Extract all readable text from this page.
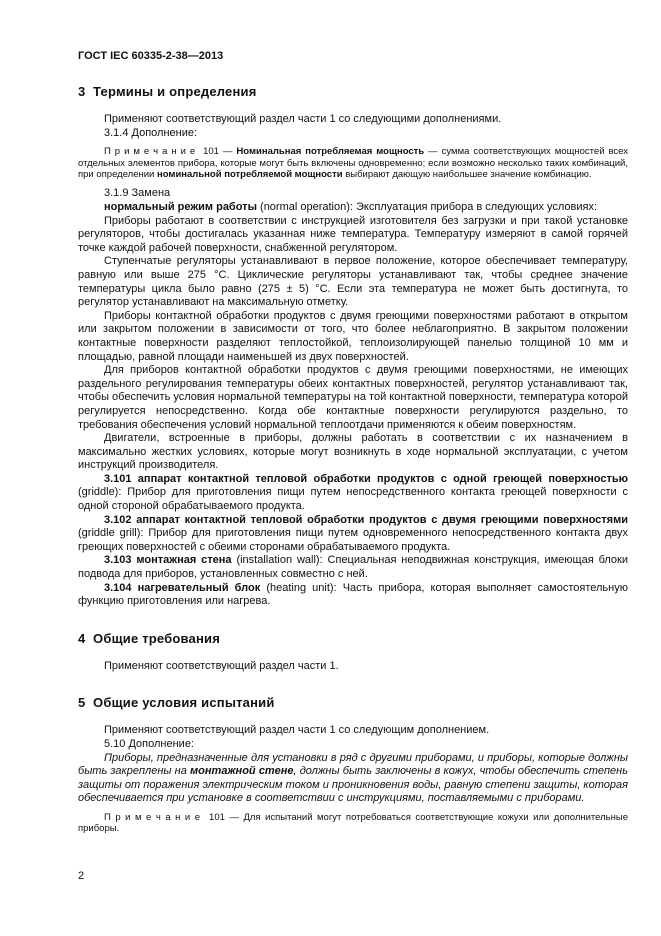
ГОСТ IEC 60335-2-38—2013
3  Термины и определения

Применяют соответствующий раздел части 1 со следующими дополнениями.

3.1.4 Дополнение:

П р и м е ч а н и е  101 — Номинальная потребляемая мощность — сумма соответствующих мощностей всех отдельных элементов прибора, которые могут быть включены одновременно; если возможно несколько таких комбинаций, при определении номинальной потребляемой мощности выбирают дающую наибольшее значение комбинацию.

3.1.9 Замена

нормальный режим работы (normal operation): Эксплуатация прибора в следующих условиях:

Приборы работают в соответствии с инструкцией изготовителя без загрузки и при такой установке регуляторов, чтобы достигалась указанная ниже температура. Температуру измеряют в самой горячей точке каждой рабочей поверхности, снабженной регулятором.

Ступенчатые регуляторы устанавливают в первое положение, которое обеспечивает температуру, равную или выше 275 °С. Циклические регуляторы устанавливают так, чтобы среднее значение температуры цикла было равно (275 ± 5) °С. Если эта температура не может быть достигнута, то регулятор устанавливают на максимальную отметку.

Приборы контактной обработки продуктов с двумя греющими поверхностями работают в открытом или закрытом положении в зависимости от того, что более неблагоприятно. В закрытом положении контактные поверхности разделяют теплостойкой, теплоизолирующей панелью толщиной 10 мм и площадью, равной площади наименьшей из двух поверхностей.

Для приборов контактной обработки продуктов с двумя греющими поверхностями, не имеющих раздельного регулирования температуры обеих контактных поверхностей, регулятор устанавливают так, чтобы обеспечить условия нормальной температуры на той контактной поверхности, температура которой регулируется непосредственно. Когда обе контактные поверхности регулируются раздельно, то требования обеспечения условий нормальной теплоотдачи применяются к обеим поверхностям.

Двигатели, встроенные в приборы, должны работать в соответствии с их назначением в максимально жестких условиях, которые могут возникнуть в ходе нормальной эксплуатации, с учетом инструкций производителя.

3.101 аппарат контактной тепловой обработки продуктов с одной греющей поверхностью (griddle): Прибор для приготовления пищи путем непосредственного контакта греющей поверхности с одной стороной обрабатываемого продукта.

3.102 аппарат контактной тепловой обработки продуктов с двумя греющими поверхностями (griddle grill): Прибор для приготовления пищи путем одновременного непосредственного контакта двух греющих поверхностей с обеими сторонами обрабатываемого продукта.

3.103 монтажная стена (installation wall): Специальная неподвижная конструкция, имеющая блоки подвода для приборов, установленных совместно с ней.

3.104 нагревательный блок (heating unit): Часть прибора, которая выполняет самостоятельную функцию приготовления или нагрева.

4  Общие требования

Применяют соответствующий раздел части 1.

5  Общие условия испытаний

Применяют соответствующий раздел части 1 со следующим дополнением.

5.10 Дополнение:

Приборы, предназначенные для установки в ряд с другими приборами, и приборы, которые должны быть закреплены на монтажной стене, должны быть заключены в кожух, чтобы обеспечить степень защиты от поражения электрическим током и проникновения воды, равную степени защиты, которая обеспечивается при установке в соответствии с инструкциями, поставляемыми с приборами.

П р и м е ч а н и е  101 — Для испытаний могут потребоваться соответствующие кожухи или дополнительные приборы.

2
